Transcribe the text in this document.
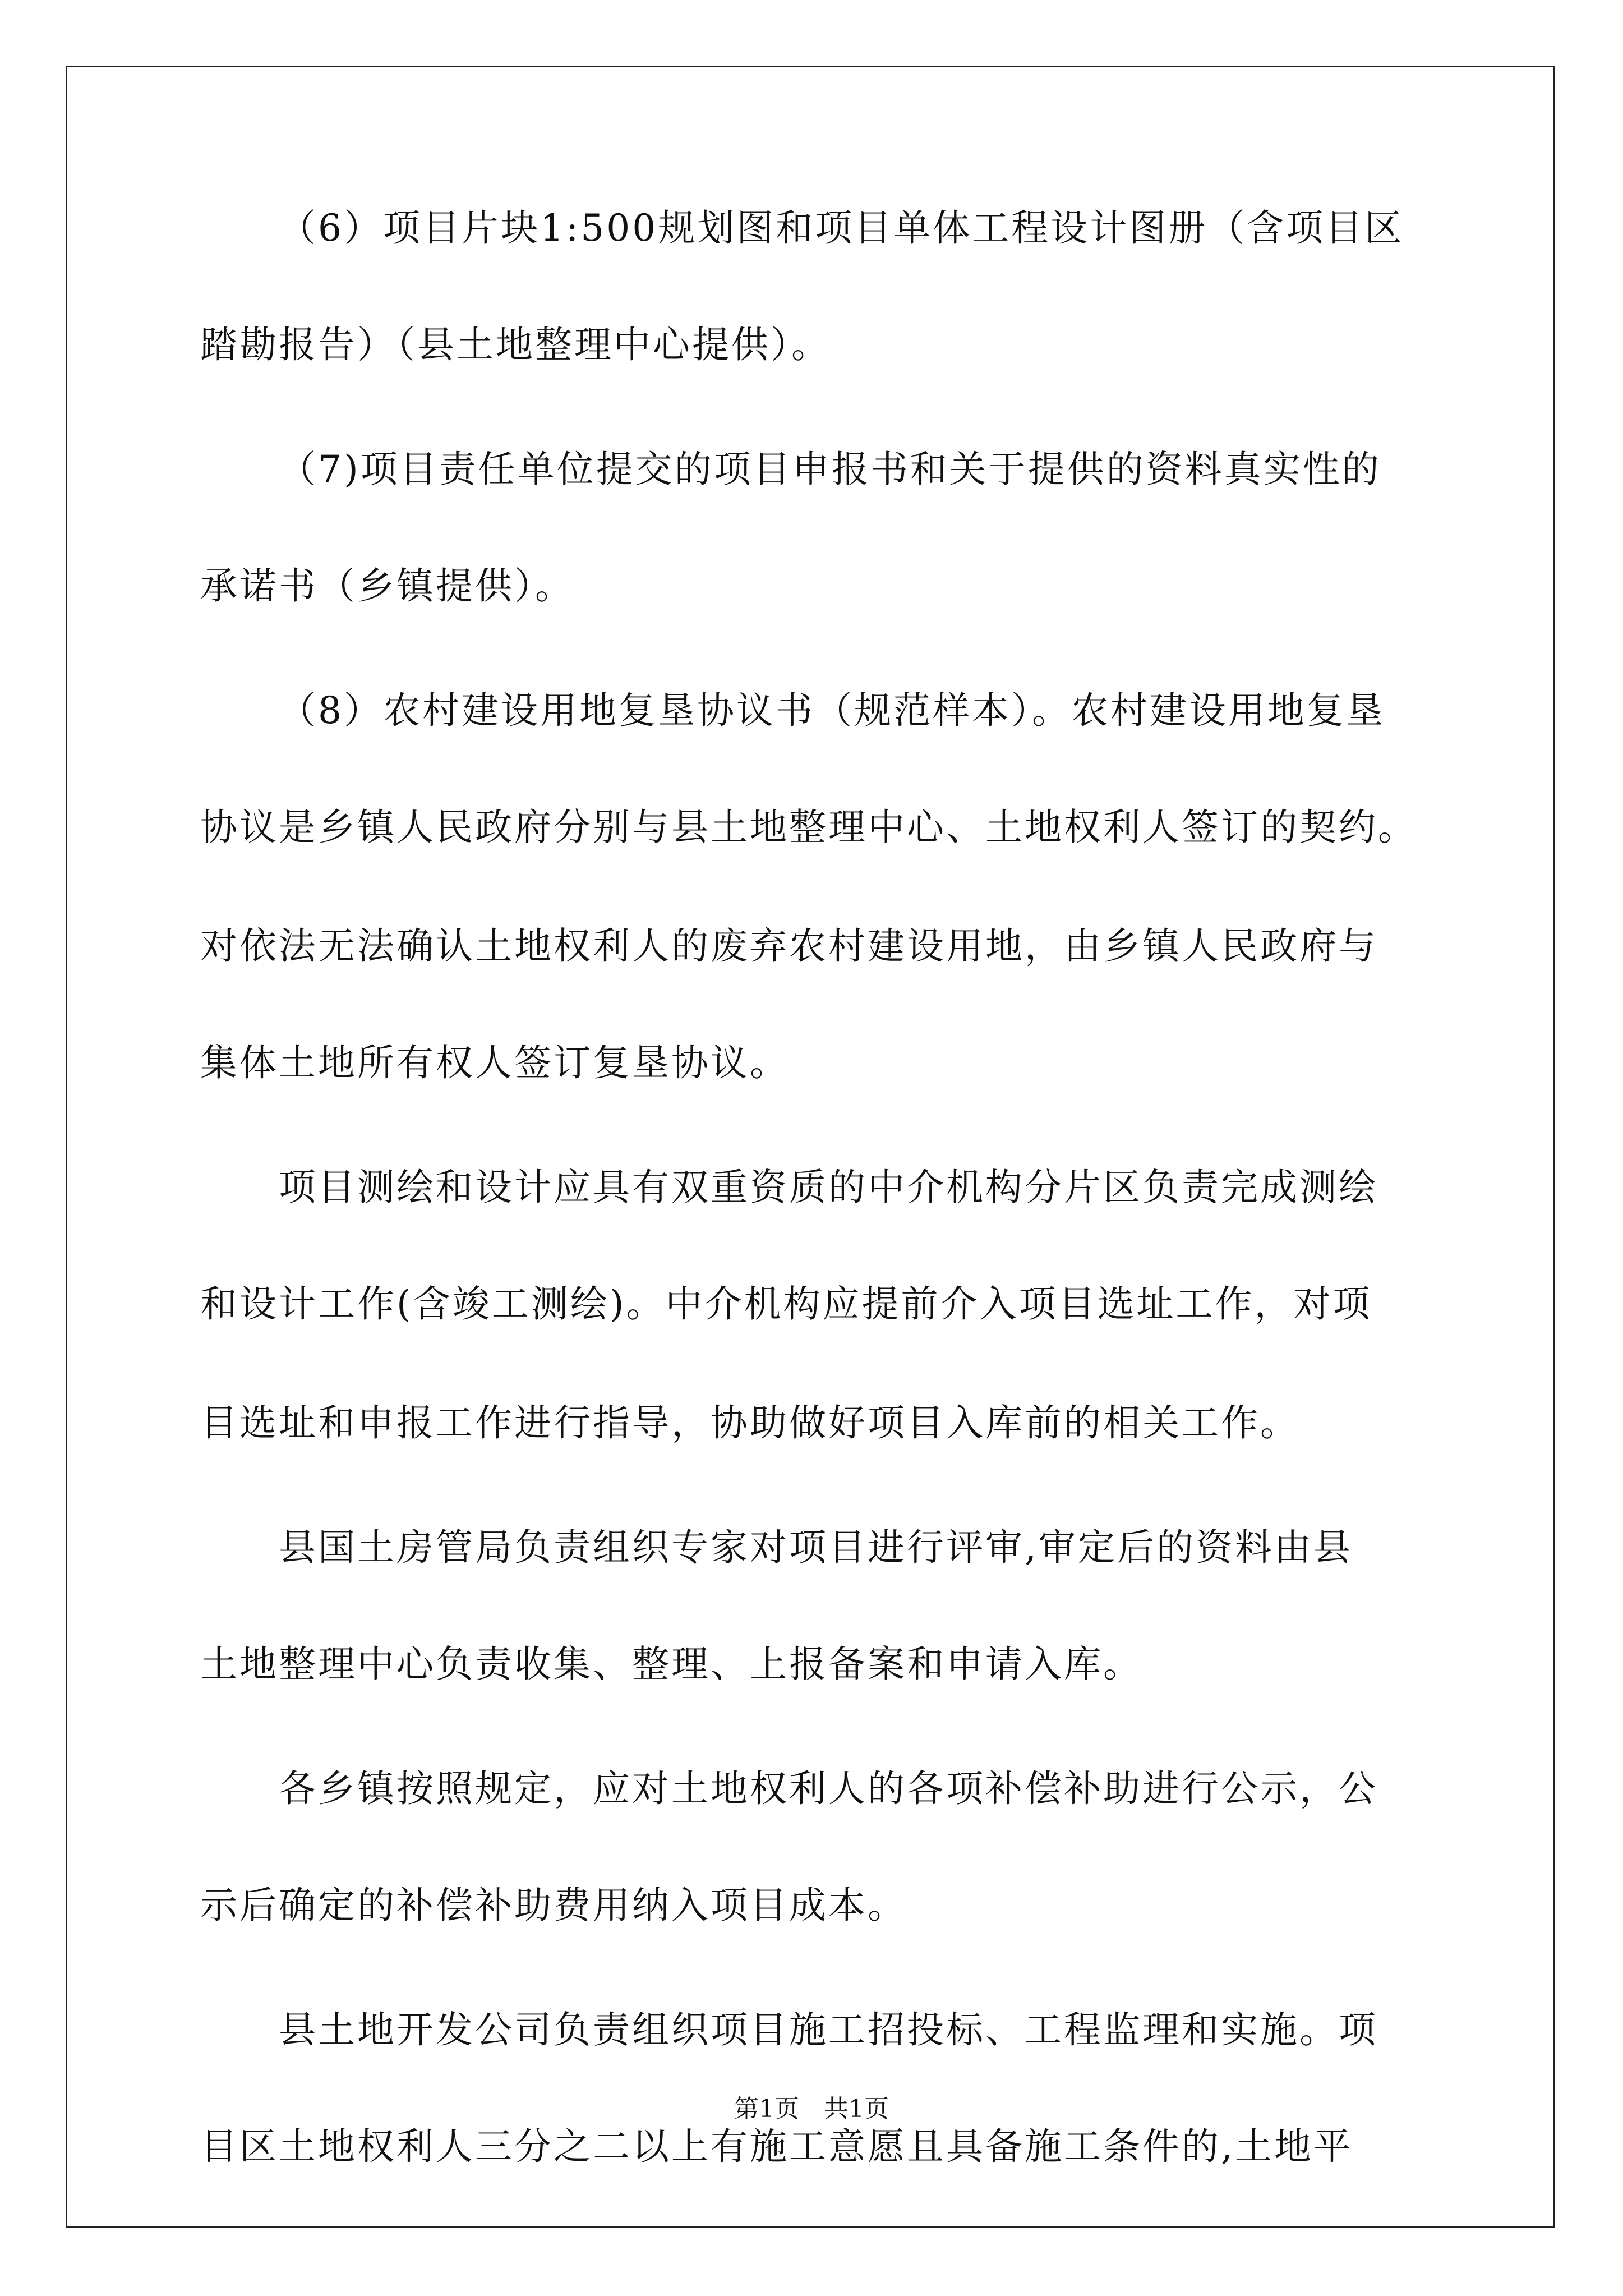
（6）项目片块1:500规划图和项目单体工程设计图册（含项目区
踏勘报告）（县土地整理中心提供）。
（7)项目责任单位提交的项目申报书和关于提供的资料真实性的
承诺书（乡镇提供）。
（8）农村建设用地复垦协议书（规范样本）。农村建设用地复垦
协议是乡镇人民政府分别与县土地整理中心、土地权利人签订的契约。
对依法无法确认土地权利人的废弃农村建设用地，由乡镇人民政府与
集体土地所有权人签订复垦协议。
项目测绘和设计应具有双重资质的中介机构分片区负责完成测绘
和设计工作(含竣工测绘)。中介机构应提前介入项目选址工作，对项
目选址和申报工作进行指导，协助做好项目入库前的相关工作。
县国土房管局负责组织专家对项目进行评审,审定后的资料由县
土地整理中心负责收集、整理、上报备案和申请入库。
各乡镇按照规定，应对土地权利人的各项补偿补助进行公示，公
示后确定的补偿补助费用纳入项目成本。
县土地开发公司负责组织项目施工招投标、工程监理和实施。项
目区土地权利人三分之二以上有施工意愿且具备施工条件的,土地平
第1页　共1页
